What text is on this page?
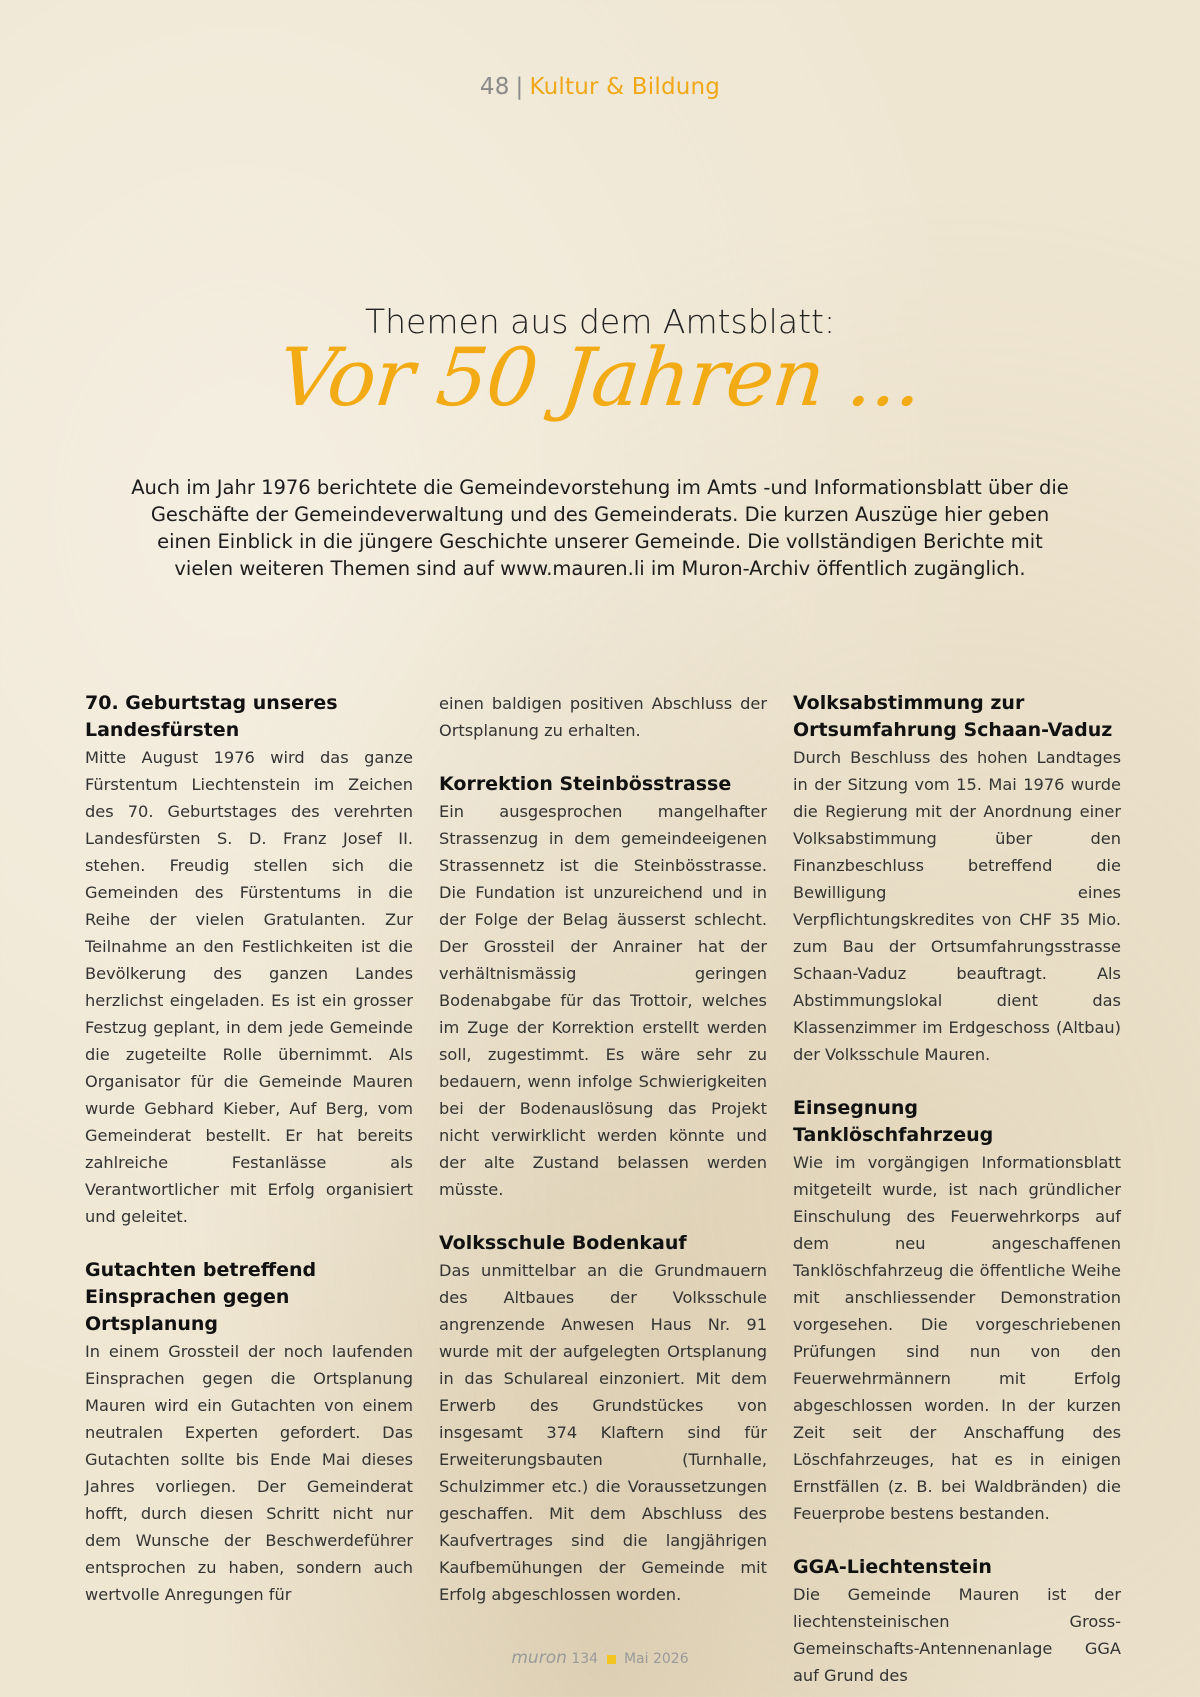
48 | Kultur & Bildung
Themen aus dem Amtsblatt:
Vor 50 Jahren ...
Auch im Jahr 1976 berichtete die Gemeindevorstehung im Amts -und Informationsblatt über die Geschäfte der Gemeindeverwaltung und des Gemeinderats. Die kurzen Auszüge hier geben einen Einblick in die jüngere Geschichte unserer Gemeinde. Die vollständigen Berichte mit vielen weiteren Themen sind auf www.mauren.li im Muron-Archiv öffentlich zugänglich.
70. Geburtstag unseres Landesfürsten

Mitte August 1976 wird das ganze Fürstentum Liechtenstein im Zeichen des 70. Geburtstages des verehrten Landesfürsten S. D. Franz Josef II. stehen. Freudig stellen sich die Gemeinden des Fürstentums in die Reihe der vielen Gratulanten. Zur Teilnahme an den Festlichkeiten ist die Bevölkerung des ganzen Landes herzlichst eingeladen. Es ist ein grosser Festzug geplant, in dem jede Gemeinde die zugeteilte Rolle übernimmt. Als Organisator für die Gemeinde Mauren wurde Gebhard Kieber, Auf Berg, vom Gemeinderat bestellt. Er hat bereits zahlreiche Festanlässe als Verantwortlicher mit Erfolg organisiert und geleitet.

Gutachten betreffend Einsprachen gegen Ortsplanung

In einem Grossteil der noch laufenden Einsprachen gegen die Ortsplanung Mauren wird ein Gutachten von einem neutralen Experten gefordert. Das Gutachten sollte bis Ende Mai dieses Jahres vorliegen. Der Gemeinderat hofft, durch diesen Schritt nicht nur dem Wunsche der Beschwerdeführer entsprochen zu haben, sondern auch wertvolle Anregungen für

einen baldigen positiven Abschluss der Ortsplanung zu erhalten.

Korrektion Steinbösstrasse

Ein ausgesprochen mangelhafter Strassenzug in dem gemeindeeigenen Strassennetz ist die Steinbösstrasse. Die Fundation ist unzureichend und in der Folge der Belag äusserst schlecht. Der Grossteil der Anrainer hat der verhältnismässig geringen Bodenabgabe für das Trottoir, welches im Zuge der Korrektion erstellt werden soll, zugestimmt. Es wäre sehr zu bedauern, wenn infolge Schwierigkeiten bei der Bodenauslösung das Projekt nicht verwirklicht werden könnte und der alte Zustand belassen werden müsste.

Volksschule Bodenkauf

Das unmittelbar an die Grundmauern des Altbaues der Volksschule angrenzende Anwesen Haus Nr. 91 wurde mit der aufgelegten Ortsplanung in das Schulareal einzoniert. Mit dem Erwerb des Grundstückes von insgesamt 374 Klaftern sind für Erweiterungsbauten (Turnhalle, Schulzimmer etc.) die Voraussetzungen geschaffen. Mit dem Abschluss des Kaufvertrages sind die langjährigen Kaufbemühungen der Gemeinde mit Erfolg abgeschlossen worden.

Volksabstimmung zur Ortsumfahrung Schaan-Vaduz

Durch Beschluss des hohen Landtages in der Sitzung vom 15. Mai 1976 wurde die Regierung mit der Anordnung einer Volksabstimmung über den Finanzbeschluss betreffend die Bewilligung eines Verpflichtungskredites von CHF 35 Mio. zum Bau der Ortsumfahrungsstrasse Schaan-Vaduz beauftragt. Als Abstimmungslokal dient das Klassenzimmer im Erdgeschoss (Altbau) der Volksschule Mauren.

Einsegnung Tanklöschfahrzeug

Wie im vorgängigen Informationsblatt mitgeteilt wurde, ist nach gründlicher Einschulung des Feuerwehrkorps auf dem neu angeschaffenen Tanklöschfahrzeug die öffentliche Weihe mit anschliessender Demonstration vorgesehen. Die vorgeschriebenen Prüfungen sind nun von den Feuerwehrmännern mit Erfolg abgeschlossen worden. In der kurzen Zeit seit der Anschaffung des Löschfahrzeuges, hat es in einigen Ernstfällen (z. B. bei Waldbränden) die Feuerprobe bestens bestanden.

GGA-Liechtenstein

Die Gemeinde Mauren ist der liechtensteinischen Gross-Gemeinschafts-Antennenanlage GGA auf Grund des

muron 134 Mai 2026
